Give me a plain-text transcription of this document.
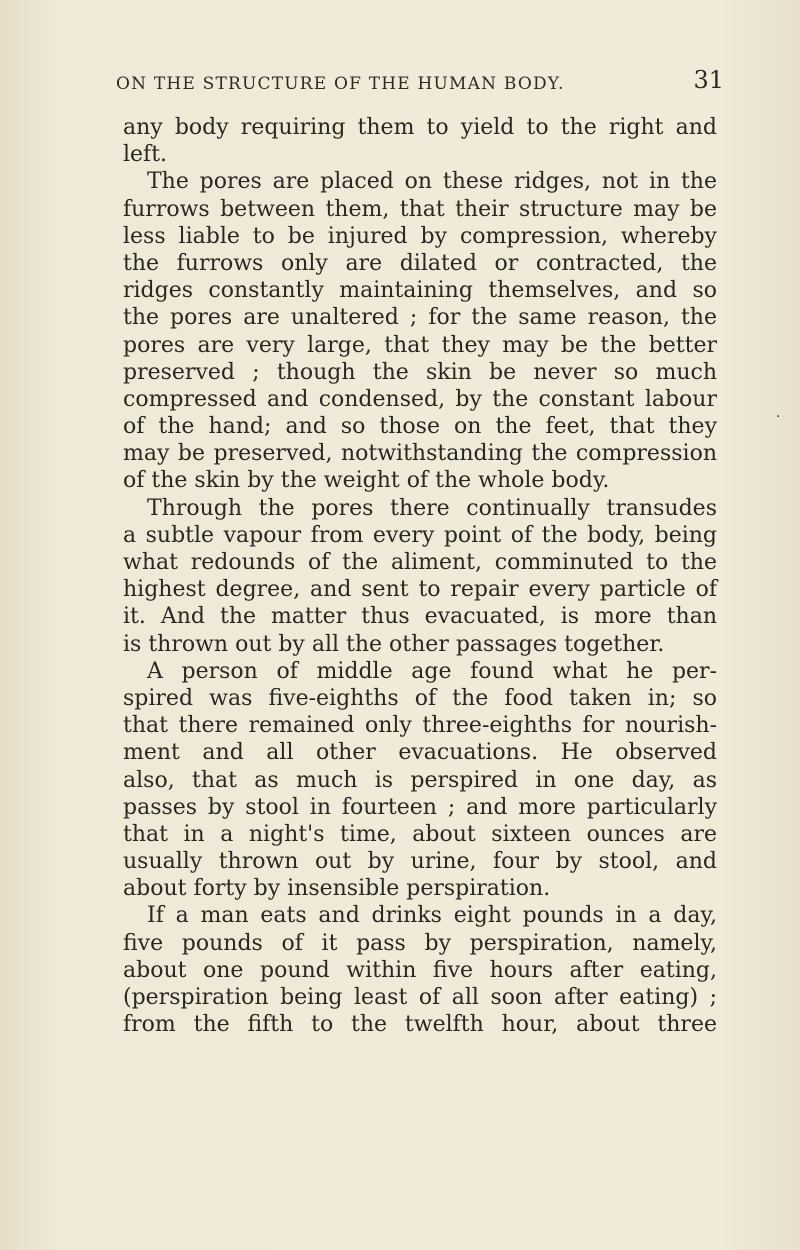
ON THE STRUCTURE OF THE HUMAN BODY.	31
any body requiring them to yield to the right and
left.
The pores are placed on these ridges, not in the
furrows between them, that their structure may be
less liable to be injured by compression, whereby
the furrows only are dilated or contracted, the
ridges constantly maintaining themselves, and so
the pores are unaltered ; for the same reason, the
pores are very large, that they may be the better
preserved ; though the skin be never so much
compressed and condensed, by the constant labour
of the hand; and so those on the feet, that they
may be preserved, notwithstanding the compression
of the skin by the weight of the whole body.
Through the pores there continually transudes
a subtle vapour from every point of the body, being
what redounds of the aliment, comminuted to the
highest degree, and sent to repair every particle of
it. And the matter thus evacuated, is more than
is thrown out by all the other passages together.
A person of middle age found what he per-
spired was five-eighths of the food taken in; so
that there remained only three-eighths for nourish-
ment and all other evacuations. He observed
also, that as much is perspired in one day, as
passes by stool in fourteen ; and more particularly
that in a night's time, about sixteen ounces are
usually thrown out by urine, four by stool, and
about forty by insensible perspiration.
If a man eats and drinks eight pounds in a day,
five pounds of it pass by perspiration, namely,
about one pound within five hours after eating,
(perspiration being least of all soon after eating) ;
from the fifth to the twelfth hour, about three
.
